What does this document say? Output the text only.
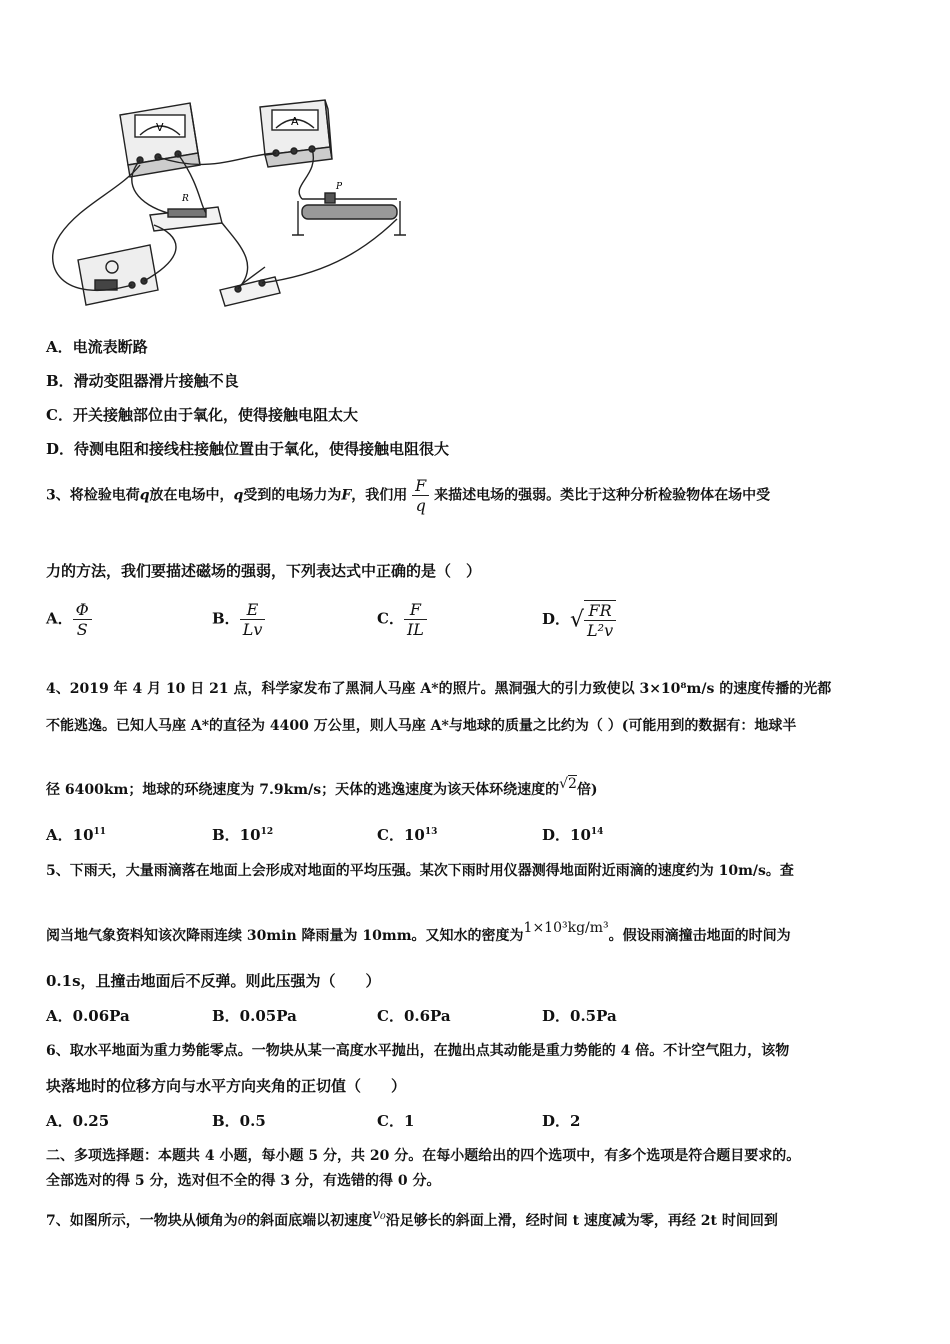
V	A
R
P
A．电流表断路
B．滑动变阻器滑片接触不良
C．开关接触部位由于氧化，使得接触电阻太大
D．待测电阻和接线柱接触位置由于氧化，使得接触电阻很大
3、将检验电荷q放在电场中，q受到的电场力为F，我们用 $\frac{F}{q}$ 来描述电场的强弱。类比于这种分析检验物体在场中受
力的方法，我们要描述磁场的强弱，下列表达式中正确的是（　）
A． $\frac{\Phi}{S}$	B． $\frac{E}{Lv}$	C． $\frac{F}{IL}$	D．√ $\frac{FR}{\text{L²v}}$
4、2019 年 4 月 10 日 21 点，科学家发布了黑洞人马座 A*的照片。黑洞强大的引力致使以 3×10⁸m/s 的速度传播的光都
不能逃逸。已知人马座 A*的直径为 4400 万公里，则人马座 A*与地球的质量之比约为（ ）(可能用到的数据有：地球半
径 6400km；地球的环绕速度为 7.9km/s；天体的逃逸速度为该天体环绕速度的√2倍)
A．$10^{11}$	B．$10^{12}$	C．$10^{13}$	D．$10^{14}$
5、下雨天，大量雨滴落在地面上会形成对地面的平均压强。某次下雨时用仪器测得地面附近雨滴的速度约为 10m/s。查
阅当地气象资料知该次降雨连续 30min 降雨量为 10mm。又知水的密度为1×10³kg/m³。假设雨滴撞击地面的时间为
0.1s，且撞击地面后不反弹。则此压强为（　　）
A．0.06Pa	B．0.05Pa	C．0.6Pa	D．0.5Pa
6、取水平地面为重力势能零点。一物块从某一高度水平抛出，在抛出点其动能是重力势能的 4 倍。不计空气阻力，该物
块落地时的位移方向与水平方向夹角的正切值（　　）
A．0.25	B．0.5	C．1	D．2
二、多项选择题：本题共 4 小题，每小题 5 分，共 20 分。在每小题给出的四个选项中，有多个选项是符合题目要求的。
全部选对的得 5 分，选对但不全的得 3 分，有选错的得 0 分。
7、如图所示，一物块从倾角为θ的斜面底端以初速度v₀沿足够长的斜面上滑，经时间 t 速度减为零，再经 2t 时间回到
